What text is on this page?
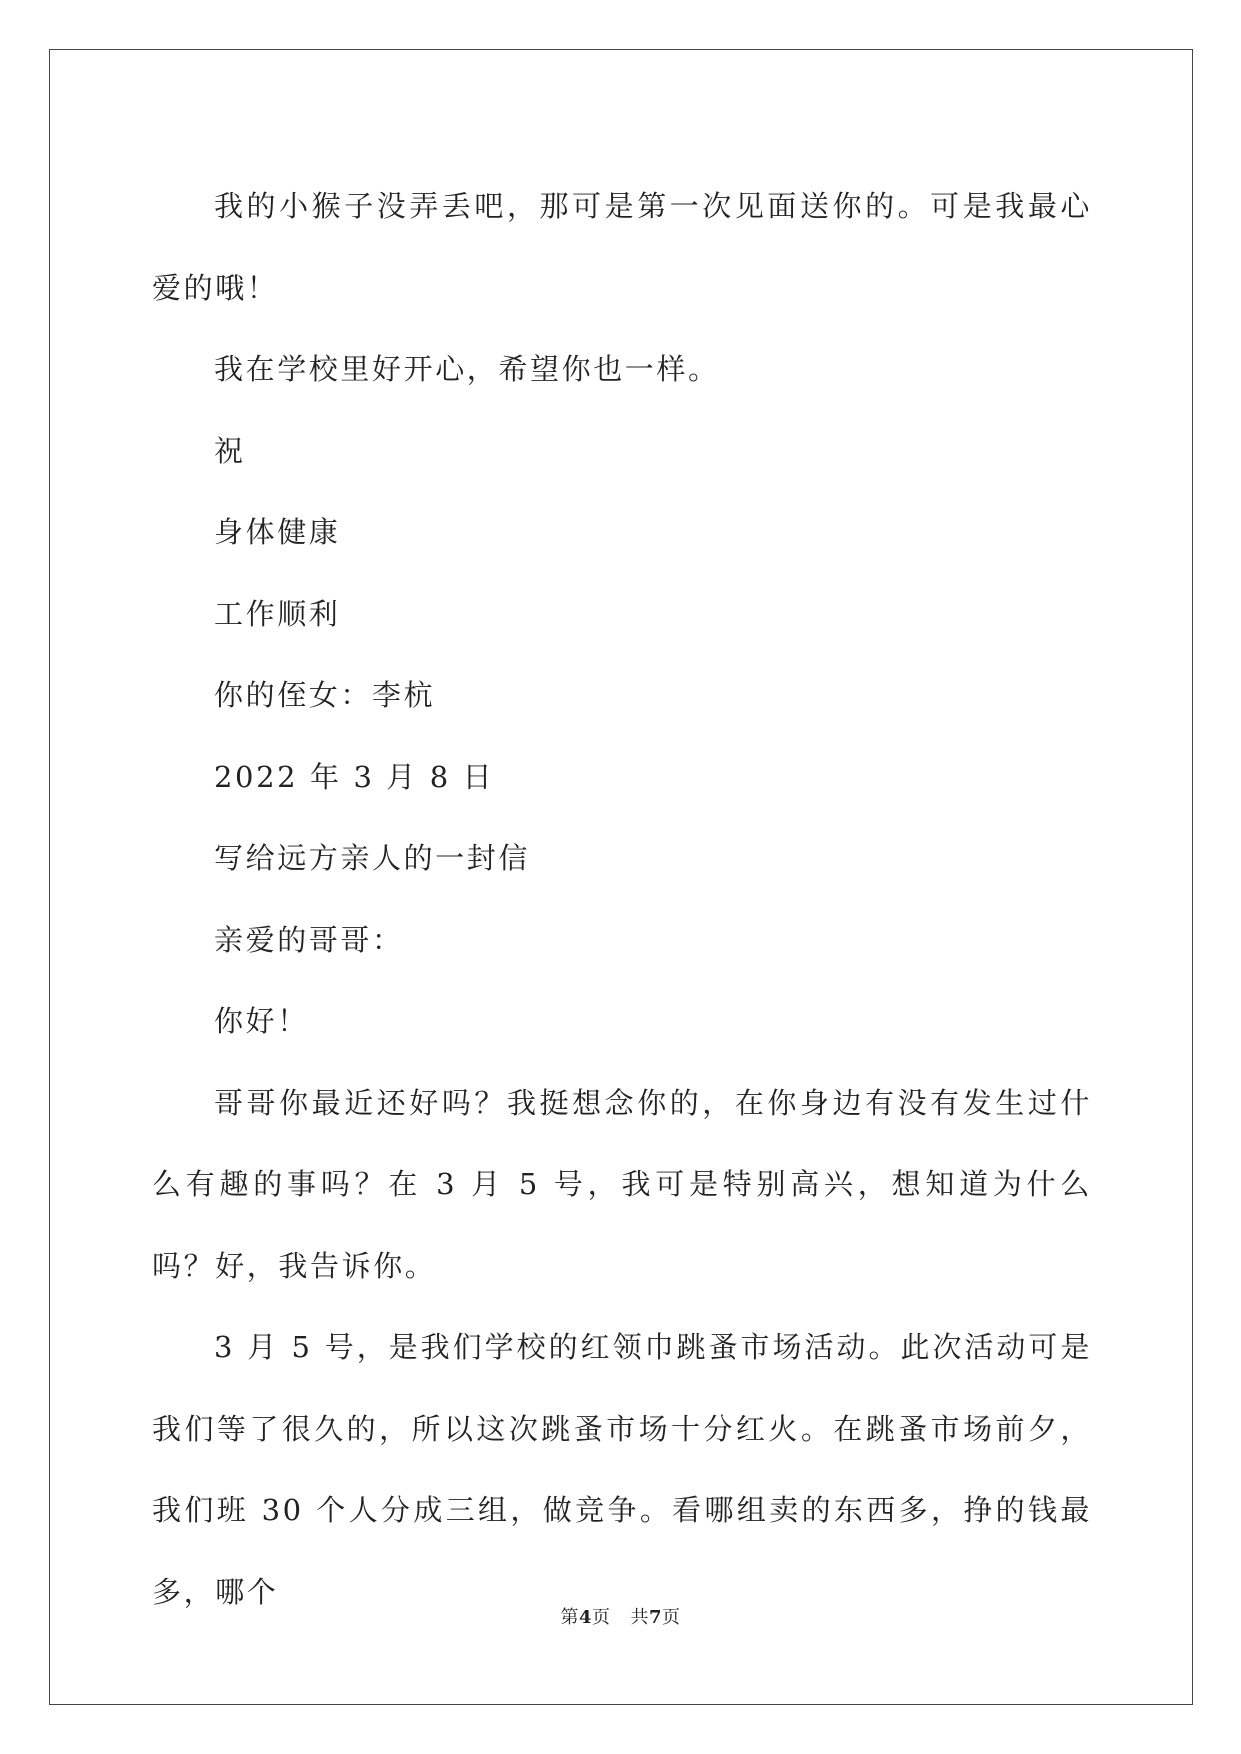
我的小猴子没弄丢吧，那可是第一次见面送你的。可是我最心爱的哦！

我在学校里好开心，希望你也一样。

祝

身体健康

工作顺利

你的侄女：李杭

2022 年 3 月 8 日

写给远方亲人的一封信

亲爱的哥哥：

你好！

哥哥你最近还好吗？我挺想念你的，在你身边有没有发生过什么有趣的事吗？在 3 月 5 号，我可是特别高兴，想知道为什么吗？好，我告诉你。

3 月 5 号，是我们学校的红领巾跳蚤市场活动。此次活动可是我们等了很久的，所以这次跳蚤市场十分红火。在跳蚤市场前夕，我们班 30 个人分成三组，做竞争。看哪组卖的东西多，挣的钱最多，哪个

第4页 共7页
